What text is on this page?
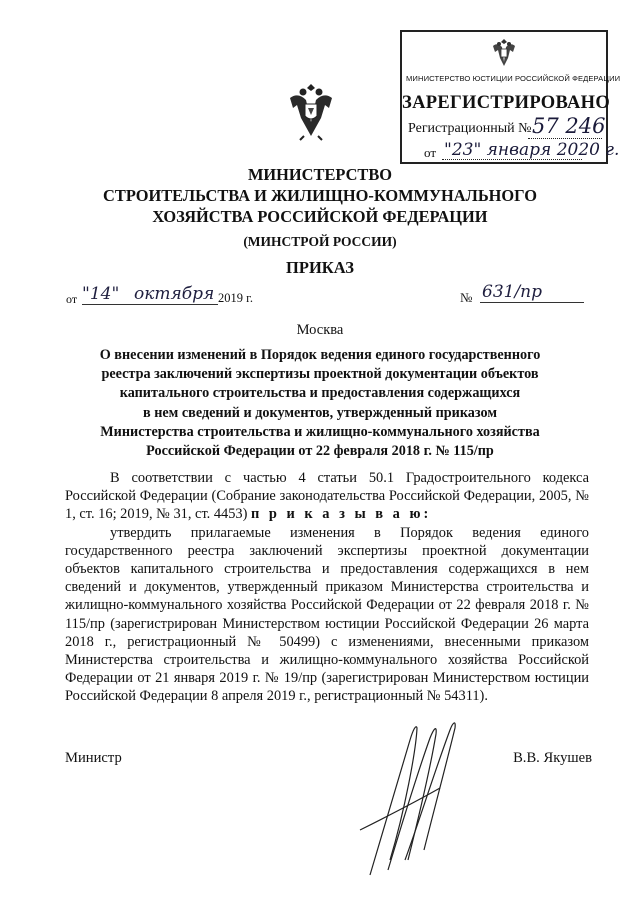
МИНИСТЕРСТВО ЮСТИЦИИ РОССИЙСКОЙ ФЕДЕРАЦИИ
ЗАРЕГИСТРИРОВАНО
Регистрационный № 57 246
от "23" января 2020 г.
МИНИСТЕРСТВО
СТРОИТЕЛЬСТВА И ЖИЛИЩНО-КОММУНАЛЬНОГО
ХОЗЯЙСТВА РОССИЙСКОЙ ФЕДЕРАЦИИ
(МИНСТРОЙ РОССИИ)
ПРИКАЗ
от "14" октября 2019 г.	№ 631/пр
Москва
О внесении изменений в Порядок ведения единого государственного
реестра заключений экспертизы проектной документации объектов
капитального строительства и предоставления содержащихся
в нем сведений и документов, утвержденный приказом
Министерства строительства и жилищно-коммунального хозяйства
Российской Федерации от 22 февраля 2018 г. № 115/пр

В соответствии с частью 4 статьи 50.1 Градостроительного кодекса Российской Федерации (Собрание законодательства Российской Федерации, 2005, № 1, ст. 16; 2019, № 31, ст. 4453) п р и к а з ы в а ю:

утвердить прилагаемые изменения в Порядок ведения единого государственного реестра заключений экспертизы проектной документации объектов капитального строительства и предоставления содержащихся в нем сведений и документов, утвержденный приказом Министерства строительства и жилищно-коммунального хозяйства Российской Федерации от 22 февраля 2018 г. № 115/пр (зарегистрирован Министерством юстиции Российской Федерации 26 марта 2018 г., регистрационный № 50499) с изменениями, внесенными приказом Министерства строительства и жилищно-коммунального хозяйства Российской Федерации от 21 января 2019 г. № 19/пр (зарегистрирован Министерством юстиции Российской Федерации 8 апреля 2019 г., регистрационный № 54311).

Министр	В.В. Якушев
